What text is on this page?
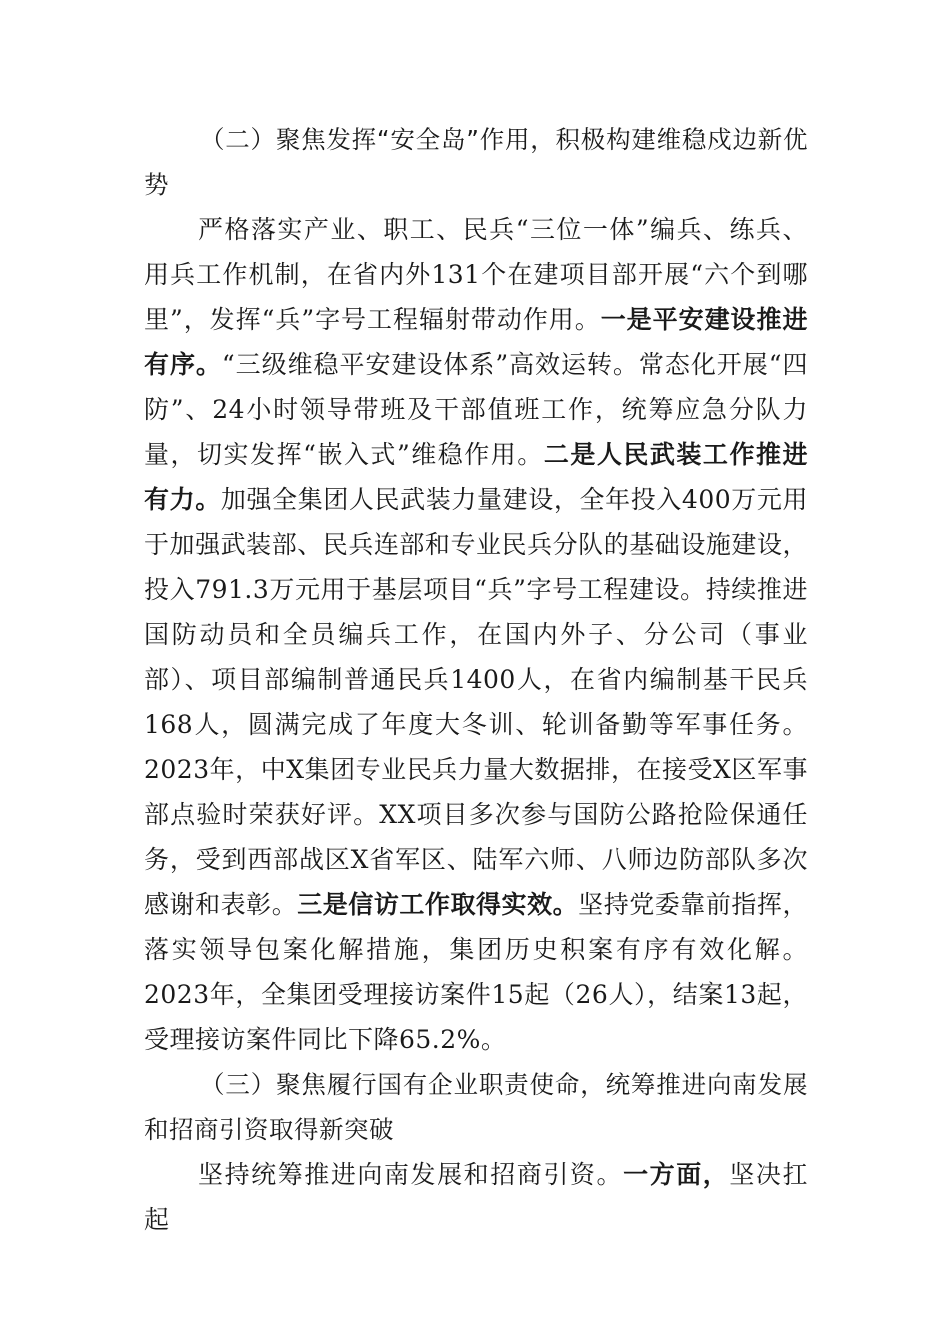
（二）聚焦发挥“安全岛”作用，积极构建维稳戍边新优势

严格落实产业、职工、民兵“三位一体”编兵、练兵、用兵工作机制，在省内外131个在建项目部开展“六个到哪里”，发挥“兵”字号工程辐射带动作用。一是平安建设推进有序。“三级维稳平安建设体系”高效运转。常态化开展“四防”、24小时领导带班及干部值班工作，统筹应急分队力量，切实发挥“嵌入式”维稳作用。二是人民武装工作推进有力。加强全集团人民武装力量建设，全年投入400万元用于加强武装部、民兵连部和专业民兵分队的基础设施建设，投入791.3万元用于基层项目“兵”字号工程建设。持续推进国防动员和全员编兵工作，在国内外子、分公司（事业部）、项目部编制普通民兵1400人，在省内编制基干民兵168人，圆满完成了年度大冬训、轮训备勤等军事任务。2023年，中X集团专业民兵力量大数据排，在接受X区军事部点验时荣获好评。XX项目多次参与国防公路抢险保通任务，受到西部战区X省军区、陆军六师、八师边防部队多次感谢和表彰。三是信访工作取得实效。坚持党委靠前指挥，落实领导包案化解措施，集团历史积案有序有效化解。2023年，全集团受理接访案件15起（26人），结案13起，受理接访案件同比下降65.2%。

（三）聚焦履行国有企业职责使命，统筹推进向南发展和招商引资取得新突破

坚持统筹推进向南发展和招商引资。一方面，坚决扛起
